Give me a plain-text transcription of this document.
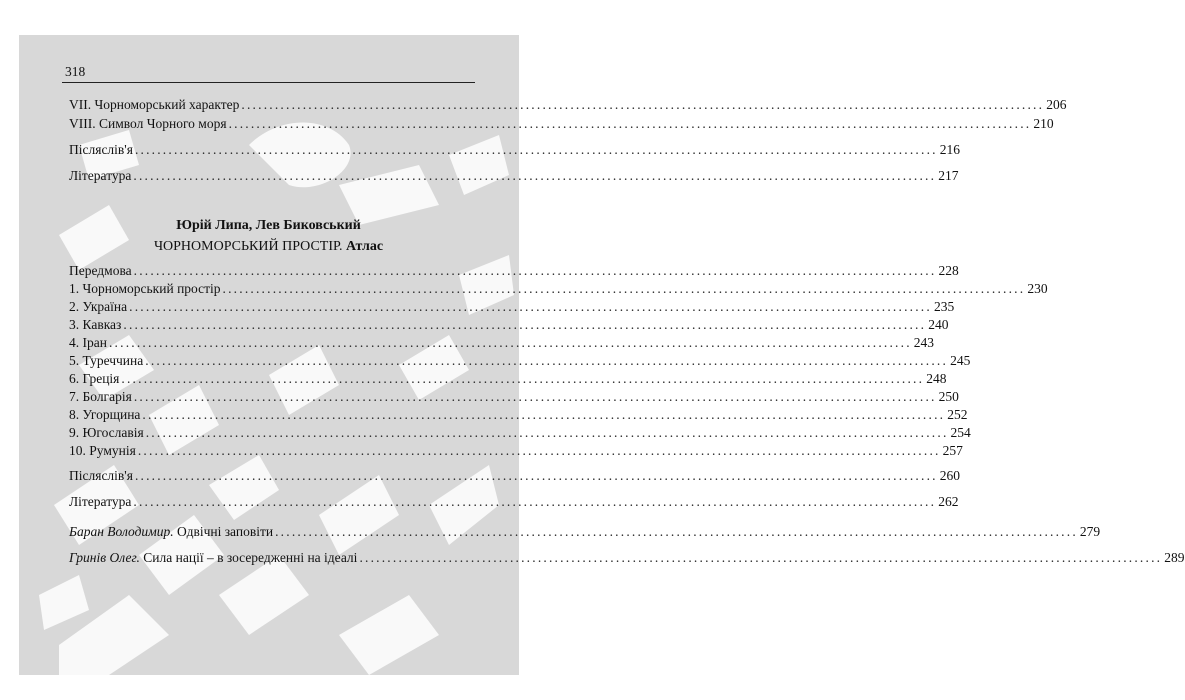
318
VII. Чорноморський характер ................................................................................................................................................ 206
VIII. Символ Чорного моря ................................................................................................................................................ 210
Післяслів'я ................................................................................................................................................ 216
Література ................................................................................................................................................ 217
Юрій Липа, Лев Биковський
ЧОРНОМОРСЬКИЙ ПРОСТІР. Атлас
Передмова ................................................................................................................................................ 228
1. Чорноморський простір ................................................................................................................................................ 230
2. Україна ................................................................................................................................................ 235
3. Кавказ ................................................................................................................................................ 240
4. Іран ................................................................................................................................................ 243
5. Туреччина ................................................................................................................................................ 245
6. Греція ................................................................................................................................................ 248
7. Болгарія ................................................................................................................................................ 250
8. Угорщина ................................................................................................................................................ 252
9. Югославія ................................................................................................................................................ 254
10. Румунія ................................................................................................................................................ 257
Післяслів'я ................................................................................................................................................ 260
Література ................................................................................................................................................ 262
Баран Володимир. Одвічні заповіти ................................................................................................................................................ 279
Гринів Олег. Сила нації – в зосередженні на ідеалі ................................................................................................................................................ 289
